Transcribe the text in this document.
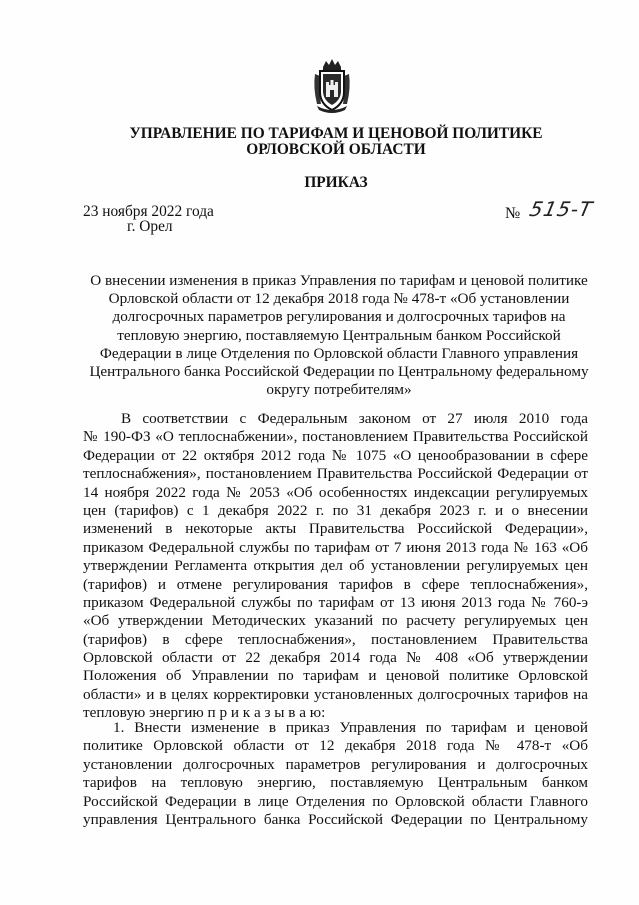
УПРАВЛЕНИЕ ПО ТАРИФАМ И ЦЕНОВОЙ ПОЛИТИКЕ
ОРЛОВСКОЙ ОБЛАСТИ
ПРИКАЗ
23 ноября 2022 года
г. Орел
№ 515-Т
О внесении изменения в приказ Управления по тарифам и ценовой политике
Орловской области от 12 декабря 2018 года № 478-т «Об установлении
долгосрочных параметров регулирования и долгосрочных тарифов на
тепловую энергию, поставляемую Центральным банком Российской
Федерации в лице Отделения по Орловской области Главного управления
Центрального банка Российской Федерации по Центральному федеральному
округу потребителям»
В соответствии с Федеральным законом от 27 июля 2010 года
№ 190-ФЗ «О теплоснабжении», постановлением Правительства Российской
Федерации от 22 октября 2012 года № 1075 «О ценообразовании в сфере
теплоснабжения», постановлением Правительства Российской Федерации от
14 ноября 2022 года № 2053 «Об особенностях индексации регулируемых
цен (тарифов) с 1 декабря 2022 г. по 31 декабря 2023 г. и о внесении
изменений в некоторые акты Правительства Российской Федерации»,
приказом Федеральной службы по тарифам от 7 июня 2013 года № 163 «Об
утверждении Регламента открытия дел об установлении регулируемых цен
(тарифов) и отмене регулирования тарифов в сфере теплоснабжения»,
приказом Федеральной службы по тарифам от 13 июня 2013 года № 760-э
«Об утверждении Методических указаний по расчету регулируемых цен
(тарифов) в сфере теплоснабжения», постановлением Правительства
Орловской области от 22 декабря 2014 года № 408 «Об утверждении
Положения об Управлении по тарифам и ценовой политике Орловской
области» и в целях корректировки установленных долгосрочных тарифов на
тепловую энергию п р и к а з ы в а ю:
1. Внести изменение в приказ Управления по тарифам и ценовой
политике Орловской области от 12 декабря 2018 года № 478-т «Об
установлении долгосрочных параметров регулирования и долгосрочных
тарифов на тепловую энергию, поставляемую Центральным банком
Российской Федерации в лице Отделения по Орловской области Главного
управления Центрального банка Российской Федерации по Центральному
